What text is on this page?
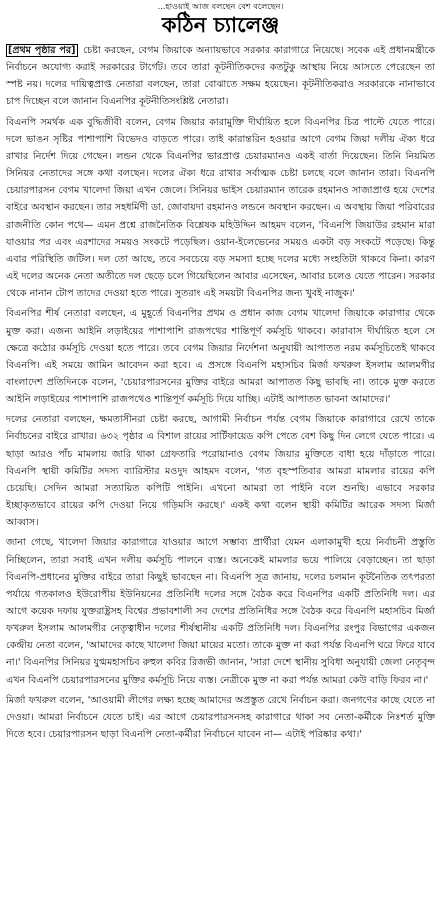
...হাওয়াই আজ বলছেন বেশ বলেছেন।
কঠিন চ্যালেঞ্জ

[প্রথম পৃষ্ঠার পর] চেষ্টা করছেন, বেগম জিয়াকে অন্যায়ভাবে সরকার কারাগারে নিয়েছে। সবেক এই প্রধানমন্ত্রীকে নির্বাচনে অযোগ্য করাই সরকারের টার্গেট। তবে তারা কূটনীতিকদের কতটুকু আস্থায় নিয়ে আসতে পেরেছেন তা স্পষ্ট নয়। দলের দায়িত্বপ্রাপ্ত নেতারা বলছেন, তারা বোঝাতে সক্ষম হয়েছেন। কূটনীতিকরাও সরকারকে নানাভাবে চাপ দিচ্ছেন বলে জানান বিএনপির কূটনীতিসংশ্লিষ্ট নেতারা।

বিএনপি সমর্থক এক বুদ্ধিজীবী বলেন, বেগম জিয়ার কারামুক্তি দীর্ঘায়িত হলে বিএনপির চিত্র পাল্টে যেতে পারে। দলে ভাঙন সৃষ্টির পাশাপাশি বিভেদও বাড়তে পারে। তাই কারান্তরিন হওয়ার আগে বেগম জিয়া দলীয় ঐক্য ধরে রাখার নির্দেশ দিয়ে গেছেন। লন্ডন থেকে বিএনপির ভারপ্রাপ্ত চেয়ারম্যানও একই বার্তা দিয়েছেন। তিনি নিয়মিত সিনিয়র নেতাদের সঙ্গে কথা বলছেন। দলের ঐক্য ধরে রাখার সর্বাত্মক চেষ্টা চলছে বলে জানান তারা। বিএনপি চেয়ারপারসন বেগম খালেদা জিয়া এখন জেলে। সিনিয়র ভাইস চেয়ারম্যান তারেক রহমানও সাজাপ্রাপ্ত হয়ে দেশের বাইরে অবস্থান করছেন। তার সহধর্মিণী ডা. জোবায়দা রহমানও লন্ডনে অবস্থান করছেন। এ অবস্থায় জিয়া পরিবারের রাজনীতি কোন পথে— এমন প্রশ্নে রাজনৈতিক বিশ্লেষক মহিউদ্দিন আহমদ বলেন, 'বিএনপি জিয়াউর রহমান মারা যাওয়ার পর এবং এরশাদের সময়ও সংকটে পড়েছিল। ওয়ান-ইলেভেনের সময়ও একটা বড় সংকটে পড়েছে। কিন্তু এবার পরিস্থিতি জটিল। দল তো আছে, তবে সবচেয়ে বড় সমস্যা হচ্ছে দলের মধ্যে সংহতিটা থাকবে কিনা। কারণ এই দলের অনেক নেতা অতীতে দল ছেড়ে চলে গিয়েছিলেন আবার এসেছেন, আবার চলেও যেতে পারেন। সরকার থেকে নানান টোপ তাদের দেওয়া হতে পারে। সুতরাং এই সময়টা বিএনপির জন্য খুবই নাজুক।'

বিএনপির শীর্ষ নেতারা বলছেন, এ মুহূর্তে বিএনপির প্রথম ও প্রধান কাজ বেগম খালেদা জিয়াকে কারাগার থেকে মুক্ত করা। এজন্য আইনি লড়াইয়ের পাশাপাশি রাজপথের শান্তিপূর্ণ কর্মসূচি থাকবে। কারাবাস দীর্ঘায়িত হলে সে ক্ষেত্রে কঠোর কর্মসূচি দেওয়া হতে পারে। তবে বেগম জিয়ার নির্দেশনা অনুযায়ী আপাতত নরম কর্মসূচিতেই থাকবে বিএনপি। এই সময়ে জামিন আবেদন করা হবে। এ প্রসঙ্গে বিএনপি মহাসচিব মির্জা ফখরুল ইসলাম আলমগীর বাংলাদেশ প্রতিদিনকে বলেন, 'চেয়ারপারসনের মুক্তির বাইরে আমরা আপাতত কিছু ভাবছি না। তাকে মুক্ত করতে আইনি লড়াইয়ের পাশাপাশি রাজপথেও শান্তিপূর্ণ কর্মসূচি দিয়ে যাচ্ছি। এটাই আপাতত ভাবনা আমাদের।'

দলের নেতারা বলছেন, ক্ষমতাসীনরা চেষ্টা করছে, আগামী নির্বাচন পর্যন্ত বেগম জিয়াকে কারাগারে রেখে তাকে নির্বাচনের বাইরে রাখার। ৬৩২ পৃষ্ঠার এ বিশাল রায়ের সার্টিফায়েড কপি পেতে বেশ কিছু দিন লেগে যেতে পারে। এ ছাড়া আরও পাঁচ মামলায় জারি থাকা গ্রেফতারি পরোয়ানাও বেগম জিয়ার মুক্তিতে বাধা হয়ে দাঁড়াতে পারে। বিএনপি স্থায়ী কমিটির সদস্য ব্যারিস্টার মওদুদ আহমদ বলেন, 'গত বৃহস্পতিবার আমরা মামলার রায়ের কপি চেয়েছি। সেদিন আমরা সত্যায়িত কপিটি পাইনি। এখনো আমরা তা পাইনি বলে শুনছি। এভাবে সরকার ইচ্ছাকৃতভাবে রায়ের কপি দেওয়া নিয়ে গড়িমসি করছে।' একই কথা বলেন স্থায়ী কমিটির আরেক সদস্য মির্জা আব্বাস।

জানা গেছে, খালেদা জিয়ার কারাগারে যাওয়ার আগে সম্ভাব্য প্রার্থীরা যেমন এলাকামুখী হয়ে নির্বাচনী প্রস্তুতি নিচ্ছিলেন, তারা সবাই এখন দলীয় কর্মসূচি পালনে ব্যস্ত। অনেকেই মামলার ভয়ে পালিয়ে বেড়াচ্ছেন। তা ছাড়া বিএনপি-প্রধানের মুক্তির বাইরে তারা কিছুই ভাবছেন না। বিএনপি সূত্র জানায়, দলের চলমান কূটনৈতিক তৎপরতা পর্যায়ে গতকালও ইউরোপীয় ইউনিয়নের প্রতিনিধি দলের সঙ্গে বৈঠক করে বিএনপির একটি প্রতিনিধি দল। এর আগে কয়েক দফায় যুক্তরাষ্ট্রসহ বিশ্বের প্রভাবশালী সব দেশের প্রতিনিধির সঙ্গে বৈঠক করে বিএনপি মহাসচিব মির্জা ফখরুল ইসলাম আলমগীর নেতৃত্বাধীন দলের শীর্ষস্থানীয় একটি প্রতিনিধি দল। বিএনপির রংপুর বিভাগের একজন কেন্দ্রীয় নেতা বলেন, 'আমাদের কাছে খালেদা জিয়া মায়ের মতো। তাকে মুক্ত না করা পর্যন্ত বিএনপি ঘরে ফিরে যাবে না।' বিএনপির সিনিয়র যুগ্মমহাসচিব রুহুল কবির রিজভী জানান, 'সারা দেশে স্থানীয় সুবিধা অনুযায়ী জেলা নেতৃবৃন্দ এখন বিএনপি চেয়ারপারসনের মুক্তির কর্মসূচি নিয়ে ব্যস্ত। নেত্রীকে মুক্ত না করা পর্যন্ত আমরা কেউ বাড়ি ফিরব না।'

মির্জা ফখরুল বলেন, 'আওয়ামী লীগের লক্ষ্য হচ্ছে আমাদের অপ্রস্তুত রেখে নির্বাচন করা। জনগণের কাছে যেতে না দেওয়া। আমরা নির্বাচনে যেতে চাই। এর আগে চেয়ারপারসনসহ কারাগারে থাকা সব নেতা-কর্মীকে নিঃশর্ত মুক্তি দিতে হবে। চেয়ারপারসন ছাড়া বিএনপি নেতা-কর্মীরা নির্বাচনে যাবেন না— এটাই পরিষ্কার কথা।'
